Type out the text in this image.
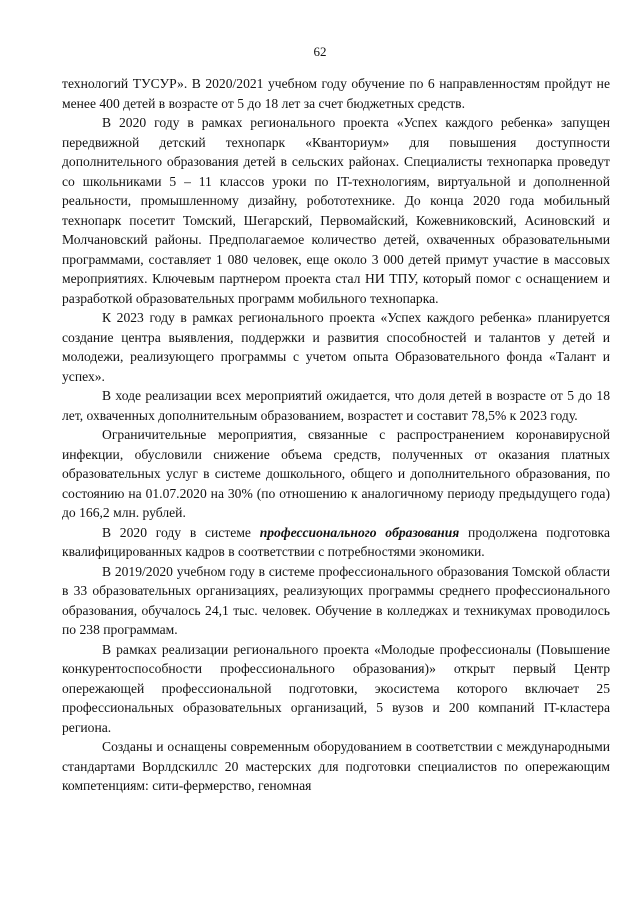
62

технологий ТУСУР». В 2020/2021 учебном году обучение по 6 направленностям пройдут не менее 400 детей в возрасте от 5 до 18 лет за счет бюджетных средств.

В 2020 году в рамках регионального проекта «Успех каждого ребенка» запущен передвижной детский технопарк «Кванториум» для повышения доступности дополнительного образования детей в сельских районах. Специалисты технопарка проведут со школьниками 5 – 11 классов уроки по IT-технологиям, виртуальной и дополненной реальности, промышленному дизайну, робототехнике. До конца 2020 года мобильный технопарк посетит Томский, Шегарский, Первомайский, Кожевниковский, Асиновский и Молчановский районы. Предполагаемое количество детей, охваченных образовательными программами, составляет 1 080 человек, еще около 3 000 детей примут участие в массовых мероприятиях. Ключевым партнером проекта стал НИ ТПУ, который помог с оснащением и разработкой образовательных программ мобильного технопарка.

К 2023 году в рамках регионального проекта «Успех каждого ребенка» планируется создание центра выявления, поддержки и развития способностей и талантов у детей и молодежи, реализующего программы с учетом опыта Образовательного фонда «Талант и успех».

В ходе реализации всех мероприятий ожидается, что доля детей в возрасте от 5 до 18 лет, охваченных дополнительным образованием, возрастет и составит 78,5% к 2023 году.

Ограничительные мероприятия, связанные с распространением коронавирусной инфекции, обусловили снижение объема средств, полученных от оказания платных образовательных услуг в системе дошкольного, общего и дополнительного образования, по состоянию на 01.07.2020 на 30% (по отношению к аналогичному периоду предыдущего года) до 166,2 млн. рублей.

В 2020 году в системе профессионального образования продолжена подготовка квалифицированных кадров в соответствии с потребностями экономики.

В 2019/2020 учебном году в системе профессионального образования Томской области в 33 образовательных организациях, реализующих программы среднего профессионального образования, обучалось 24,1 тыс. человек. Обучение в колледжах и техникумах проводилось по 238 программам.

В рамках реализации регионального проекта «Молодые профессионалы (Повышение конкурентоспособности профессионального образования)» открыт первый Центр опережающей профессиональной подготовки, экосистема которого включает 25 профессиональных образовательных организаций, 5 вузов и 200 компаний IT-кластера региона.

Созданы и оснащены современным оборудованием в соответствии с международными стандартами Ворлдскиллс 20 мастерских для подготовки специалистов по опережающим компетенциям: сити-фермерство, геномная
